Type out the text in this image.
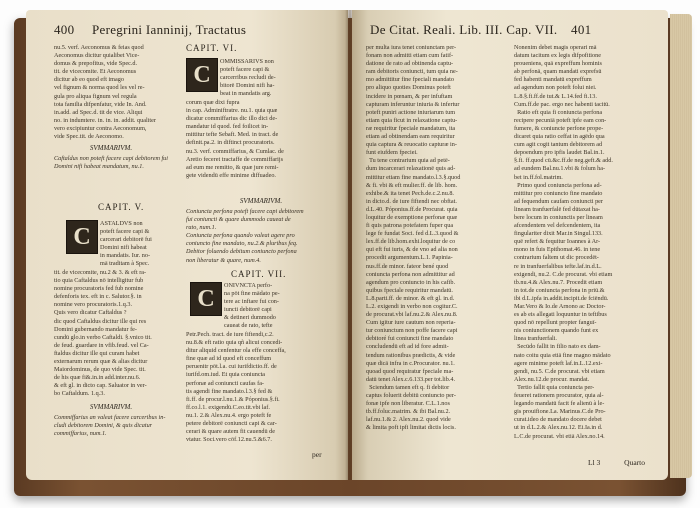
400 Peregrini Ianninij, Tractatus
nu.5. verf. Aeconomus & feias quod
Aeconomus dicitur quialibet Vice-
domus & prepofitus, vide Spec.d.
tit. de vicecomite. Et Aeconomus
dicitur ab eo quod eft imago
vel fignum & norma quod les vel re-
gula pro aliqua fignum vel regula
tota familia difpenfatur, vide In. And.
in.add. ad Spec.d. tit de vice. Aliqui
no. in indumtere. in. in. in. addit. qualiter
vero excipiuntur contra Aeconomum,
vide Spec.tit. de Aeconomo.
CAPIT. VI.
C
OMMISSARIVS non
poteft facere capi &
carcerribus recludi de-
bitorē Domini nifi ha-
beat in mandatis arg.
corum quæ dixi fupra
in cap. Adminiftratre. nu.1. quia quæ
dicatur commiffarius dic illo dici de-
mandatur id quod. fed foilicet in-
mittitur tefte Sebaft. Med. in tract. de
definit.pa.2. in diftinct procuratoris.
nu.3. verf. commiffarius, & Cumlac. de
Aretio feceret tractaffe de commiffarijs
ad eum me remitto, & quæ jure remi-
gete videndū effe minime diffuadeo.
SVMMARIVM.
Caftaldus non poteft facere capi debitorem fui
Domini nifi habeat mandatum, nu.1.
CAPIT. V.
C
ASTALDVS non
poteft facere capi &
carcerari debitorē fui
Domini nifi habeat
in mandatis. Iur. no-
mā traditam à Spec.
tit. de vicecomite, nu.2 & 3. & eft ra-
tio quia Caftaldus nō intelligitur fub
nomine procuratoris fed fub nomine
defenforis tex. eft in c. Salutor.§. in
nomine vero procuratoris.1.q.3.
Quis vero dicatur Caftaldus ?
dic quod Caftaldus dicitur ille qui res
Domini gubernando mandatur fe-
cundū glo.in verbo Caftaldi. §.vnico tit.
de feud. guardare in vfib.feud. vel Ca-
ftaldus dicitur ille qui curam habet
externarum rerum quæ & alias dicitur
Maiordominus, de quo vide Spec. tit.
de his quæ fi&.in.in add.inter.nu.6.
& eft gl. in dicto cap. Saluator in ver-
bo Caftaldum. 1.q.3.
SVMMARIVM.
Commiffarius an valeat facere carceribus in-
cludi debitorem Domini, & quis dicatur
commiffarius, num.1.
SVMMARIVM.
Coniuncta perfona poteft facere capi debitorem
fui coniuncti & quare dummodo caueat de
rato, num.1.
Coniuncta perfona quando valeat agere pro
coniuncto fine mandato, nu.2.& pluribus feq.
Debitor foluendo debitum coniuncto perfona
non liberatur & quare, num.4.
CAPIT. VII.
C
ONIVNCTA perfo-
na pōt fine mādato pe-
tere ac inftare fui con-
iuncti debitorē capi
& detineri dummodo
caueat de rato, tefte
Petr.Pech. tract. de iure fiftendi,c.2.
nu.8.& eft ratio quia qñ alicui concedi-
ditur aliquid cenfentur ola effe conceffa,
fine quæ ad id quod eft conceffum
peruenitr pōt.l.a. cui iurifdictio.ff. de
iurifd.om.iud. Et quia coniuncta
perfonæ ad coniuncti caufas fa-
tis agendi fine mandato.l.3.§ fed &
fi.ff. de procur.l.nu.1.& Póponius.§.fi.
ff.co.l.1. exigendū.C.eo.tit.vbi laf.
nu.1. 2.& Alex.nu.4. ergo poteft fe
petere debitorē coniuncti capi & car-
cerari & quare autem fit cauendū de
vtatur. Soci.vero cōf.12.nu.5.&6.7.
per
De Citat. Reali. Lib. III. Cap. VII. 401
per multa iura tenet coniunctam per-
fonam non admitti etiam cum fatif-
datione de rato ad obtinenda captu-
ram debitoris coniuncti, tum quia ne-
mo admittitur fine fpeciali mandato
pro aliquo quoties Dominus poteft
incidere in pœnam, & per infuftam
capturam inferuntur iniuria & infertur
poteft puniri actione iniuriarum tum
etiam quia ficut in relaxatione captu-
ræ requiritur fpeciale mandatum, ita
etiam ad obtinendam eam requiritur
quia captura & reuocatio capturæ in-
funt eiufdem fpeciei.
Tu tene contrarium quia ad petē-
dum incarcerari relaxationē quis ad-
mittitur etiam fine mandato.l.3.§.quod
& fi. vbi & eft mulier.ff. de lib. hom.
exhibe.& ita tenet Pech.de.c.2.nu.8.
in dicto.d. de iure fiftendi nec obftat.
d.L.40. Póponius.ff.de Procurat. quia
loquitur de exemptione perfonæ quæ
fi quis patrona potefatem fuper qua
lege fe fundat Soci. fed d.L.3.quod &
lex.ff.de lib.hom.exhi.loquitur de co
qui eft fui iuris, & de vno ad alia non
procedit argumentum.L.1. Papinia-
nus.ff.de minor. fateor bené quod
coniuncta perfona non admittitur ad
agendum pro coniuncto in his cafib.
quibus fpeciale requiritur mandatū.
L.8.parti.ff. de minor. & eft gl. in.d.
L.2. exigendi in verbo non cogitur.C.
de procurat.vbi laf.nu.2.& Alex.nu.8.
Cum igitur iure cautum non reperia-
tur coniunctum non poffe facere capi
debitoré fui coniuncti fine mandato
concludendū eft ad id fore admit-
tendum rationibus prædictis, & vide
quæ dicā infra in c.Procurator. nu.1.
quoad quod requiratur fpeciale ma-
datū tenet Alex.c.6.133.per tot.lib.4.
Sciendum tamen eft q. fi debitor
captus foluerit debitū coniuncto per-
fonæ ipfe non liberatur. C.L.1.nos
tb.ff.foluc.matrim. & ibi Bal.nu.2.
laf.nu.1.& 2. Alex.nu.2. quod vide
& limita poft ipfi limitat dictis locis.
Nonenim debet magis operari mā
datum tacitum ex legis difpofitione
proueniens, quā expreffum hominis
ab perfonā, quam mandati exprefsū
fed habenti mandatū expreffum
ad agendum non poteft folui niei.
L.8.§.fi.ff.de tut.& L.14.fed fi.13.
Cum.ff.de pac. ergo nec habenti tacitū.
Ratio eft quia fi coniuncta perfona
recipere pecuniā poteft ipfe eam con-
fumere, & coniuncte perfone prope-
dicaret quia ratio ceffat in agēdo qua
cum agit cogit tantum debitorem ad
depoendum pro ipfis laudet Bal.in.1.
§.fi. ff.quod cū.&c.ff.de neg.geft.& add.
ad eundem Bal.nu.1.vbi & folum ha-
bet in.ff.fol.matrim.
Primo quod coniuncta perfona ad-
mittitur pro coniuncto fine mandato
ad fequendum caufam coniuncti per
lineam tranfuerfalē fed dūtaxat ha-
bere locum in coniunctis per lineam
afcendentem vel defcendentem, ita
fingulariter dixit Mar.in Singul.133.
quē refert & fequitur Ioannes à Ar-
mono in fuis Epithomat.46. in tene
contrarium faltem ut dic procedēt-
re in tranfuerfalibus tefte.laf.in.d.L.
exigendi, nu.2. C.de procurat. vbi etiam
tb.nu.4.& Alex.nu.7. Procedit etiam
in tot.de coniuncta perfona in priū.&
ibi d.L.ipfa in.addit.incipit.de fciēndū.
Mar.Vero & Io.de Arnono ac Doctor-
es ab eis allegati loquuntur in teftibus
quod nō repellunt propter fanguī-
nis coniunctionem quando funt ex
linea tranfuerfali.
Secūdo fallit in filio nato ex dam-
nato coitu quia etiā fine magno mādato
agere minime poteft laf.in.L.12.exi-
gendi, nu.5. C.de procurat. vbi etiam
Alex.nu.12.de procur. mandat.
Tertio fallit quia coniuncta per-
feueret rationem procurator, quia al-
legando mandatū facit fe alienū à le-
gis prouifione.La. Marinus.C.de Pro-
curat.ideo de mandato docere debet
ut in d.L.2.& Alex.nu.12. Ei.Ia.in d.
L.C.de procurat. vbi etiā Alex.no.14.
Ll 3	Quarto
